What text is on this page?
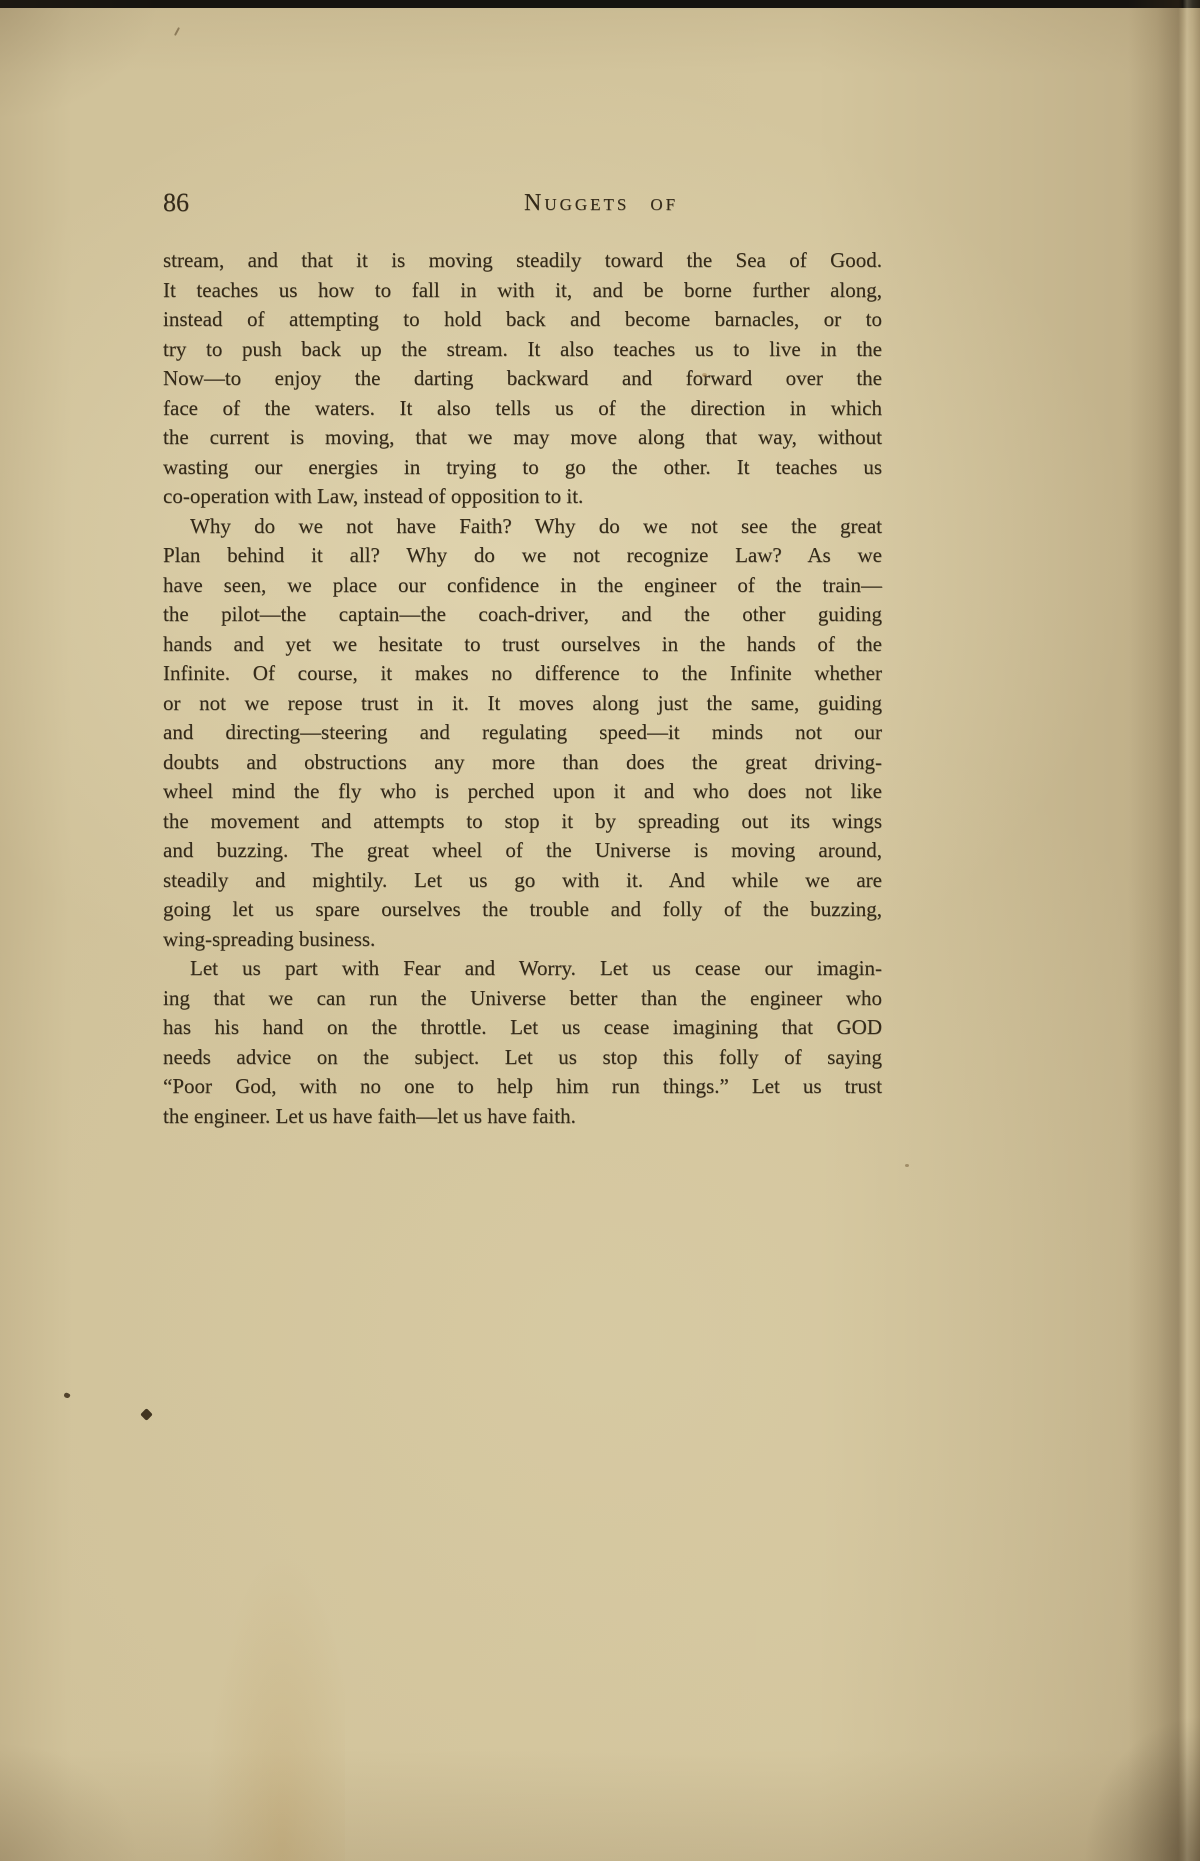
86	Nuggets of
stream, and that it is moving steadily toward the Sea of Good.
It teaches us how to fall in with it, and be borne further along,
instead of attempting to hold back and become barnacles, or to
try to push back up the stream. It also teaches us to live in the
Now—to enjoy the darting backward and forward over the
face of the waters. It also tells us of the direction in which
the current is moving, that we may move along that way, without
wasting our energies in trying to go the other. It teaches us
co-operation with Law, instead of opposition to it.
Why do we not have Faith? Why do we not see the great
Plan behind it all? Why do we not recognize Law? As we
have seen, we place our confidence in the engineer of the train—
the pilot—the captain—the coach-driver, and the other guiding
hands and yet we hesitate to trust ourselves in the hands of the
Infinite. Of course, it makes no difference to the Infinite whether
or not we repose trust in it. It moves along just the same, guiding
and directing—steering and regulating speed—it minds not our
doubts and obstructions any more than does the great driving-
wheel mind the fly who is perched upon it and who does not like
the movement and attempts to stop it by spreading out its wings
and buzzing. The great wheel of the Universe is moving around,
steadily and mightily. Let us go with it. And while we are
going let us spare ourselves the trouble and folly of the buzzing,
wing-spreading business.
Let us part with Fear and Worry. Let us cease our imagin-
ing that we can run the Universe better than the engineer who
has his hand on the throttle. Let us cease imagining that GOD
needs advice on the subject. Let us stop this folly of saying
“Poor God, with no one to help him run things.” Let us trust
the engineer. Let us have faith—let us have faith.
